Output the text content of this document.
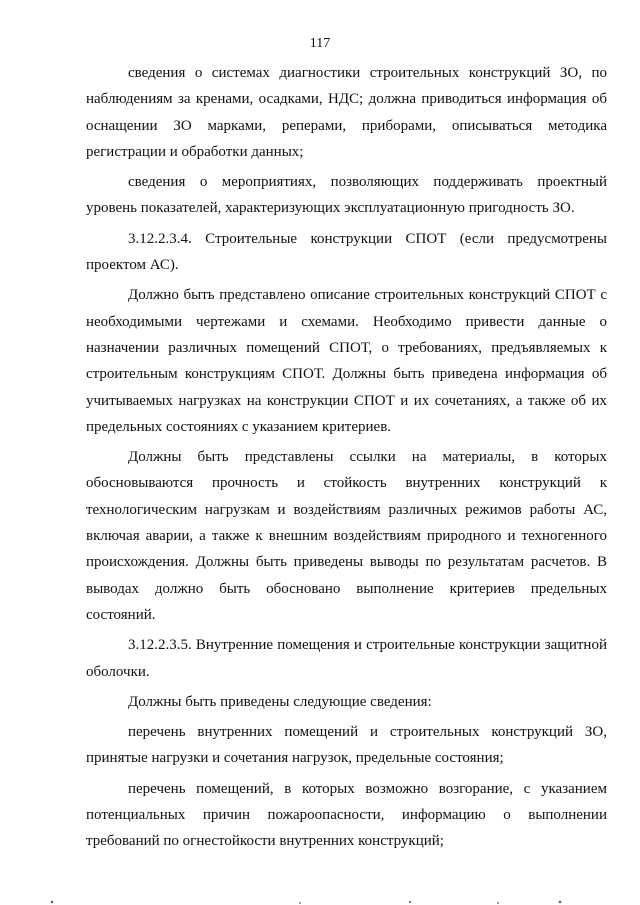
117

сведения о системах диагностики строительных конструкций ЗО, по наблюдениям за кренами, осадками, НДС; должна приводиться информация об оснащении ЗО марками, реперами, приборами, описываться методика регистрации и обработки данных;

сведения о мероприятиях, позволяющих поддерживать проектный уровень показателей, характеризующих эксплуатационную пригодность ЗО.

3.12.2.3.4. Строительные конструкции СПОТ (если предусмотрены проектом АС).

Должно быть представлено описание строительных конструкций СПОТ с необходимыми чертежами и схемами. Необходимо привести данные о назначении различных помещений СПОТ, о требованиях, предъявляемых к строительным конструкциям СПОТ. Должны быть приведена информация об учитываемых нагрузках на конструкции СПОТ и их сочетаниях, а также об их предельных состояниях с указанием критериев.

Должны быть представлены ссылки на материалы, в которых обосновываются прочность и стойкость внутренних конструкций к технологическим нагрузкам и воздействиям различных режимов работы АС, включая аварии, а также к внешним воздействиям природного и техногенного происхождения. Должны быть приведены выводы по результатам расчетов. В выводах должно быть обосновано выполнение критериев предельных состояний.

3.12.2.3.5. Внутренние помещения и строительные конструкции защитной оболочки.

Должны быть приведены следующие сведения:

перечень внутренних помещений и строительных конструкций ЗО, принятые нагрузки и сочетания нагрузок, предельные состояния;

перечень помещений, в которых возможно возгорание, с указанием потенциальных причин пожароопасности, информацию о выполнении требований по огнестойкости внутренних конструкций;
